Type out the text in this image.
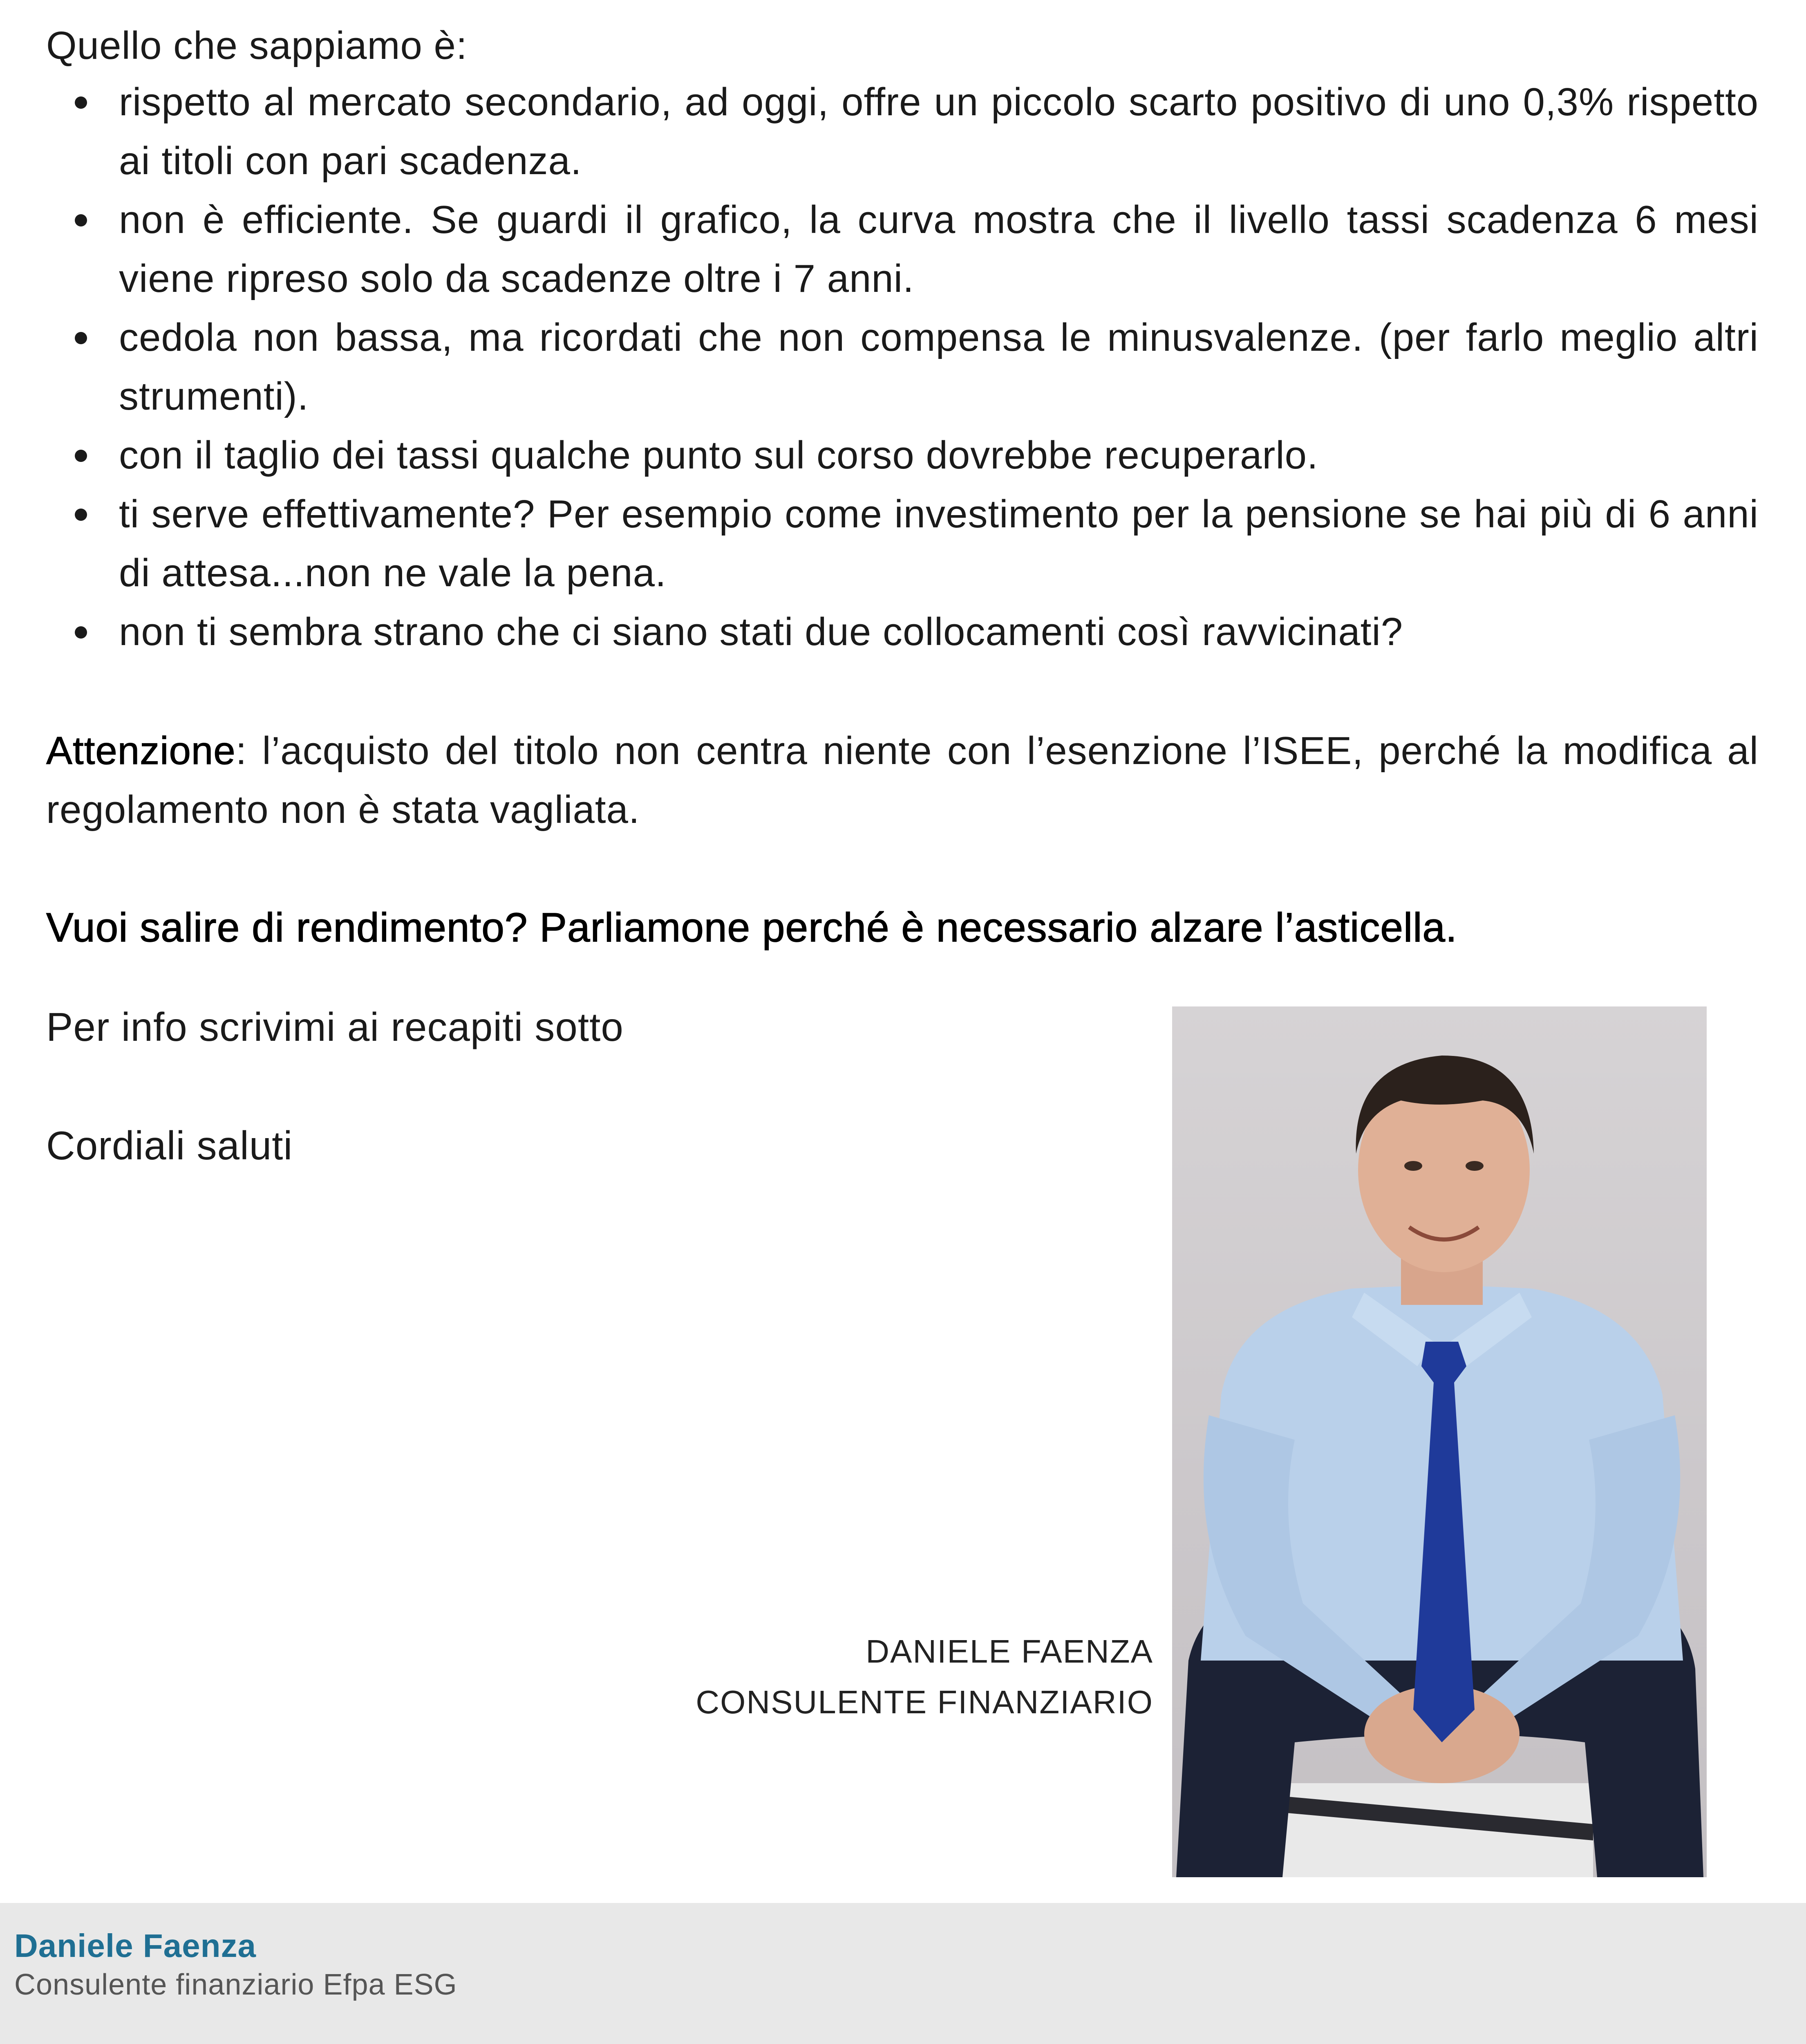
Quello che sappiamo è:

rispetto al mercato secondario, ad oggi, offre un piccolo scarto positivo di uno 0,3% rispetto ai titoli con pari scadenza.
non è efficiente. Se guardi il grafico, la curva mostra che il livello tassi scadenza 6 mesi viene ripreso solo da scadenze oltre i 7 anni.
cedola non bassa, ma ricordati che non compensa le minusvalenze. (per farlo meglio altri strumenti).
con il taglio dei tassi qualche punto sul corso dovrebbe recuperarlo.
ti serve effettivamente? Per esempio come investimento per la pensione se hai più di 6 anni di attesa...non ne vale la pena.
non ti sembra strano che ci siano stati due collocamenti così ravvicinati?

Attenzione: l’acquisto del titolo non centra niente con l’esenzione l’ISEE, perché la modifica al regolamento non è stata vagliata.

Vuoi salire di rendimento? Parliamone perché è necessario alzare l’asticella.

Per info scrivimi ai recapiti sotto

Cordiali saluti

DANIELE FAENZA
CONSULENTE FINANZIARIO

Daniele Faenza

Consulente finanziario Efpa ESG
